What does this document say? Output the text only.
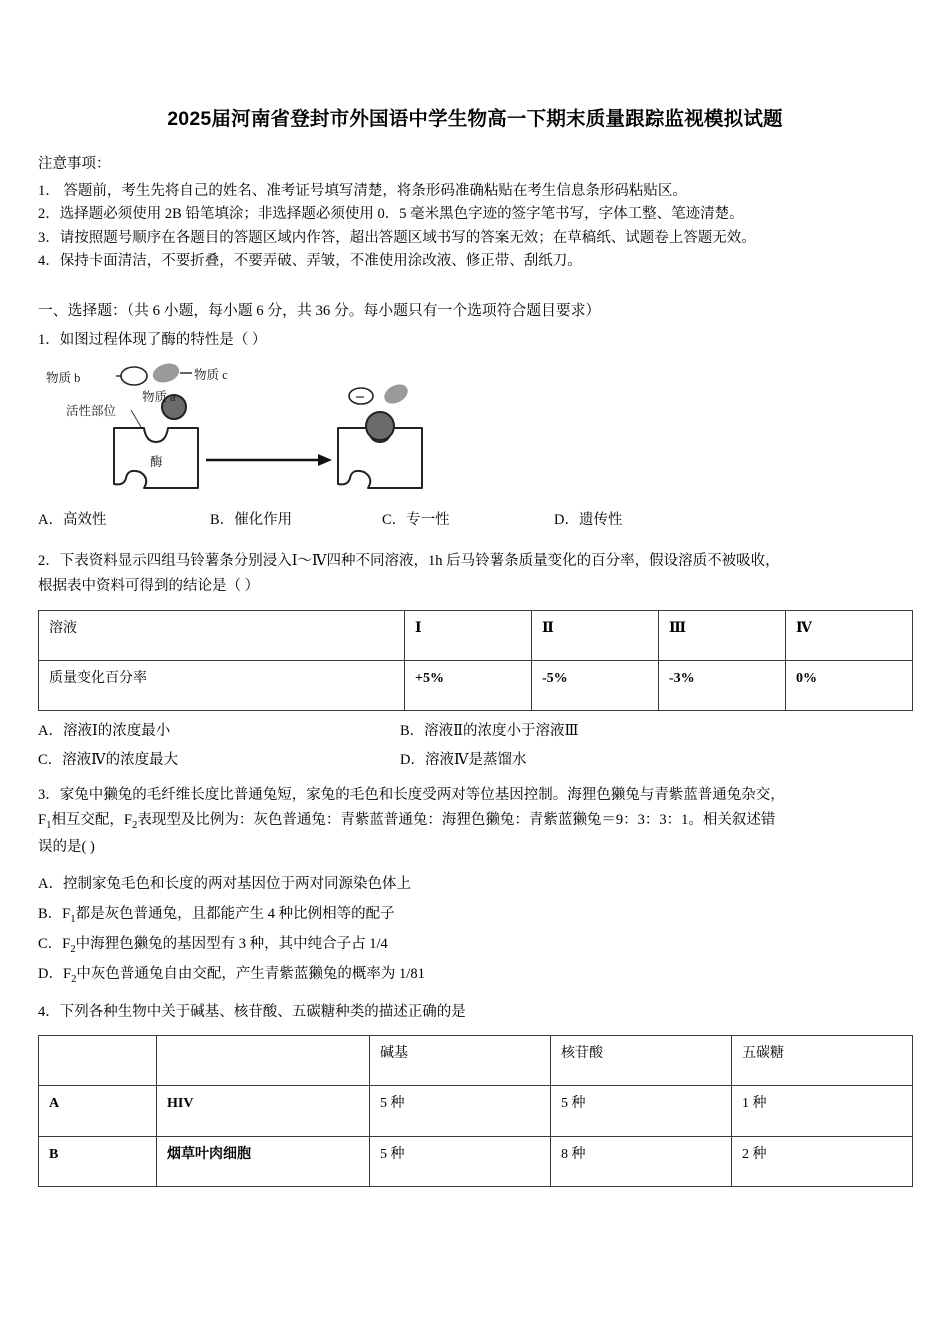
2025届河南省登封市外国语中学生物高一下期末质量跟踪监视模拟试题

注意事项：

1． 答题前，考生先将自己的姓名、准考证号填写清楚，将条形码准确粘贴在考生信息条形码粘贴区。

2．选择题必须使用 2B 铅笔填涂；非选择题必须使用 0．5 毫米黑色字迹的签字笔书写，字体工整、笔迹清楚。

3．请按照题号顺序在各题目的答题区域内作答，超出答题区域书写的答案无效；在草稿纸、试题卷上答题无效。

4．保持卡面清洁，不要折叠，不要弄破、弄皱，不准使用涂改液、修正带、刮纸刀。

一、选择题：（共 6 小题，每小题 6 分，共 36 分。每小题只有一个选项符合题目要求）

1．如图过程体现了酶的特性是（ ）

物质 b	物质 c
物质 a
活性部位
酶
A．高效性	B．催化作用	C．专一性	D．遗传性

2．下表资料显示四组马铃薯条分别浸入Ⅰ～Ⅳ四种不同溶液，1h 后马铃薯条质量变化的百分率，假设溶质不被吸收，

根据表中资料可得到的结论是（ ）

溶液	Ⅰ	Ⅱ	Ⅲ	Ⅳ
质量变化百分率	+5%	-5%	-3%	0%
A．溶液Ⅰ的浓度最小	B．溶液Ⅱ的浓度小于溶液Ⅲ
C．溶液Ⅳ的浓度最大	D．溶液Ⅳ是蒸馏水

3．家兔中獭兔的毛纤维长度比普通兔短，家兔的毛色和长度受两对等位基因控制。海狸色獭兔与青紫蓝普通兔杂交，

$F_1$相互交配，$F_2$表现型及比例为：灰色普通兔：青紫蓝普通兔：海狸色獭兔：青紫蓝獭兔＝9：3：3：1。相关叙述错

误的是( )

A．控制家兔毛色和长度的两对基因位于两对同源染色体上

B．$F_1$都是灰色普通兔，且都能产生 4 种比例相等的配子

C．$F_2$中海狸色獭兔的基因型有 3 种，其中纯合子占 1/4

D．$F_2$中灰色普通兔自由交配，产生青紫蓝獭兔的概率为 1/81

4．下列各种生物中关于碱基、核苷酸、五碳糖种类的描述正确的是

		碱基	核苷酸	五碳糖
A	HIV	5 种	5 种	1 种
B	烟草叶肉细胞	5 种	8 种	2 种
